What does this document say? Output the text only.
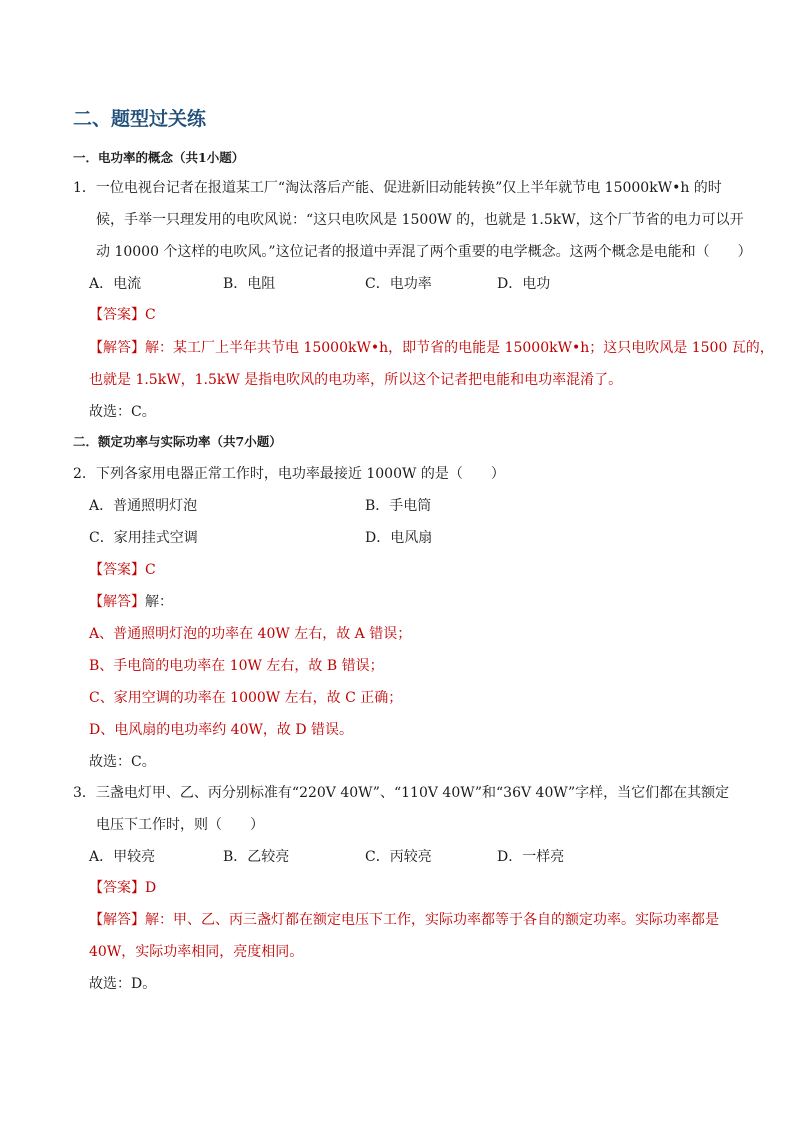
二、题型过关练
一．电功率的概念（共1小题）
1．一位电视台记者在报道某工厂“淘汰落后产能、促进新旧动能转换”仅上半年就节电 15000kW•h 的时
候，手举一只理发用的电吹风说：“这只电吹风是 1500W 的，也就是 1.5kW，这个厂节省的电力可以开
动 10000 个这样的电吹风。”这位记者的报道中弄混了两个重要的电学概念。这两个概念是电能和（　　）
A．电流	B．电阻	C．电功率	D．电功
【答案】C
【解答】解：某工厂上半年共节电 15000kW•h，即节省的电能是 15000kW•h；这只电吹风是 1500 瓦的，
也就是 1.5kW，1.5kW 是指电吹风的电功率，所以这个记者把电能和电功率混淆了。
故选：C。
二．额定功率与实际功率（共7小题）
2．下列各家用电器正常工作时，电功率最接近 1000W 的是（　　）
A．普通照明灯泡	B．手电筒
C．家用挂式空调	D．电风扇
【答案】C
【解答】解：
A、普通照明灯泡的功率在 40W 左右，故 A 错误；
B、手电筒的电功率在 10W 左右，故 B 错误；
C、家用空调的功率在 1000W 左右，故 C 正确；
D、电风扇的电功率约 40W，故 D 错误。
故选：C。
3．三盏电灯甲、乙、丙分别标准有“220V 40W”、“110V 40W”和“36V 40W”字样，当它们都在其额定
电压下工作时，则（　　）
A．甲较亮	B．乙较亮	C．丙较亮	D．一样亮
【答案】D
【解答】解：甲、乙、丙三盏灯都在额定电压下工作，实际功率都等于各自的额定功率。实际功率都是
40W，实际功率相同，亮度相同。
故选：D。
